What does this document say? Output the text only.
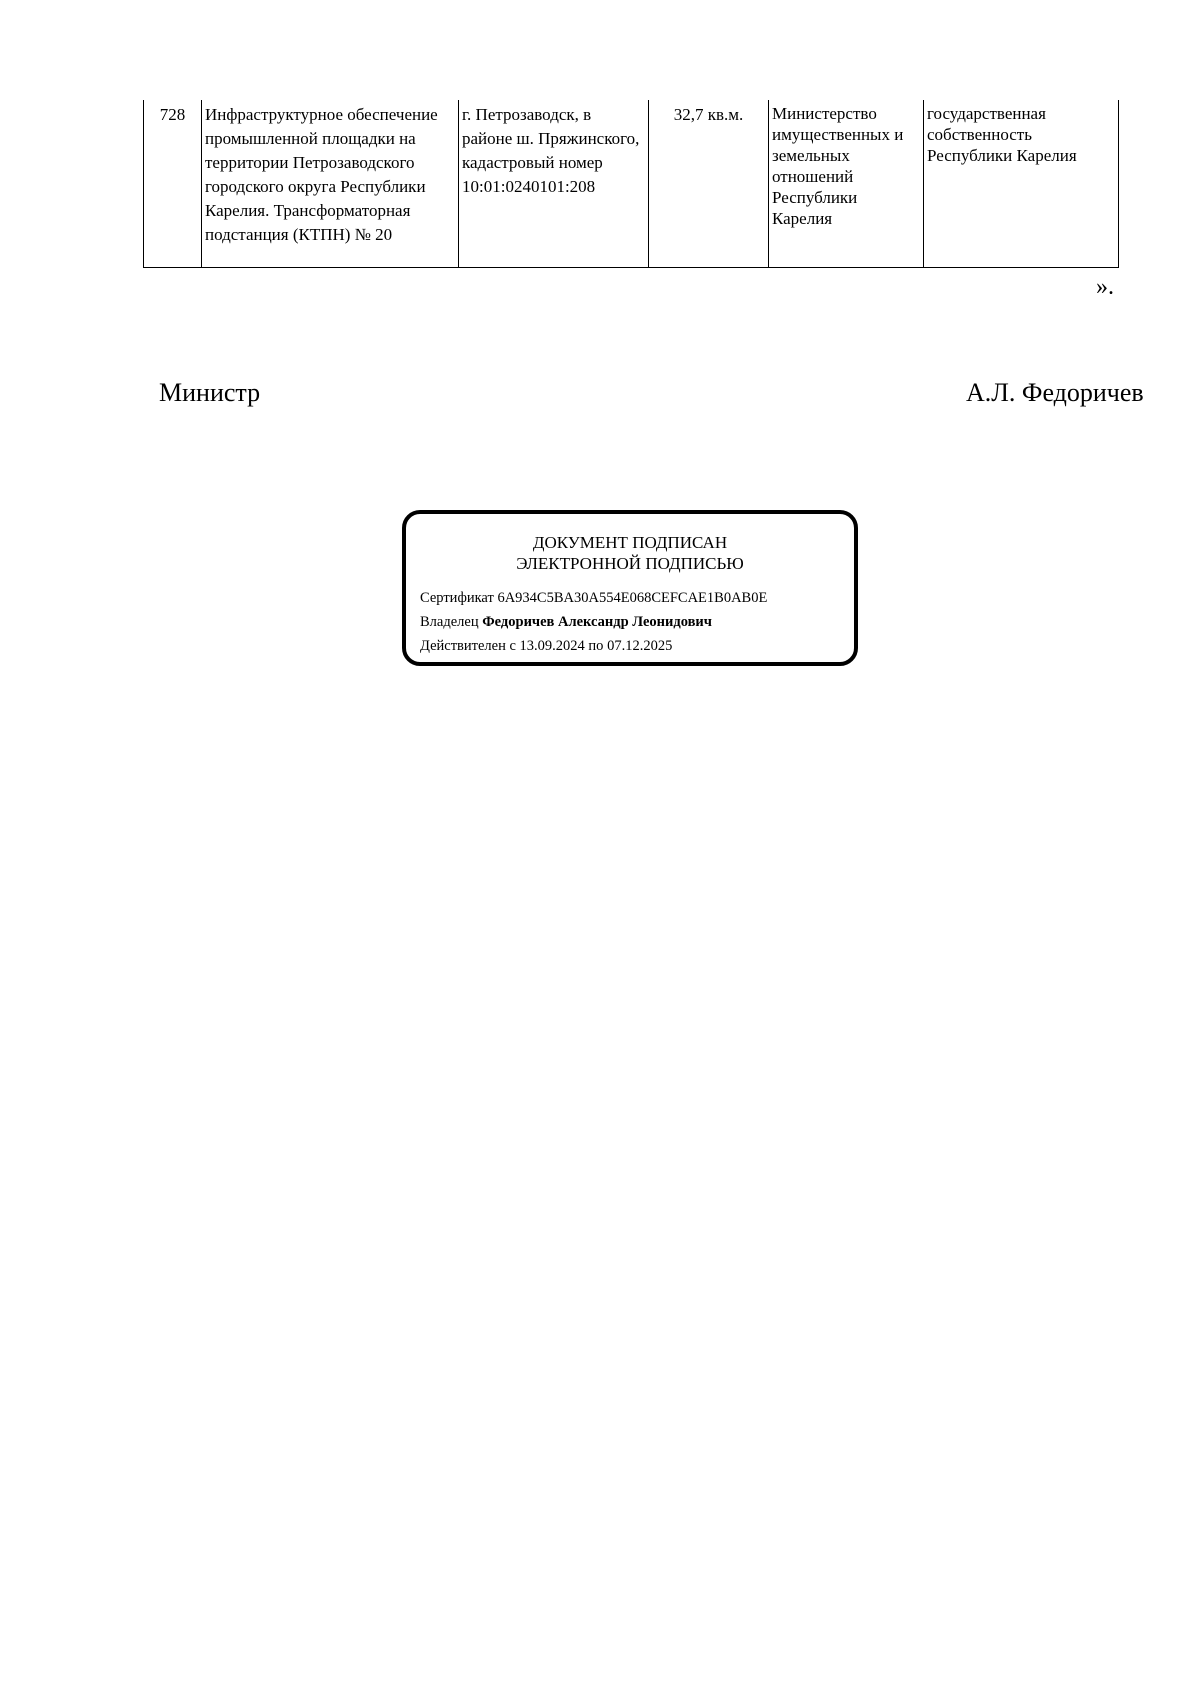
728	Инфраструктурное обеспечение промышленной площадки на территории Петрозаводского городского округа Республики Карелия. Трансформаторная подстанция (КТПН) № 20	г. Петрозаводск, в районе ш. Пряжинского, кадастровый номер 10:01:0240101:208	32,7 кв.м.	Министерство имущественных и земельных отношений Республики Карелия	государственная собственность Республики Карелия
».
Министр	А.Л. Федоричев
ДОКУМЕНТ ПОДПИСАН
ЭЛЕКТРОННОЙ ПОДПИСЬЮ
Сертификат 6A934C5BA30A554E068CEFCAE1B0AB0E
Владелец Федоричев Александр Леонидович
Действителен с 13.09.2024 по 07.12.2025
